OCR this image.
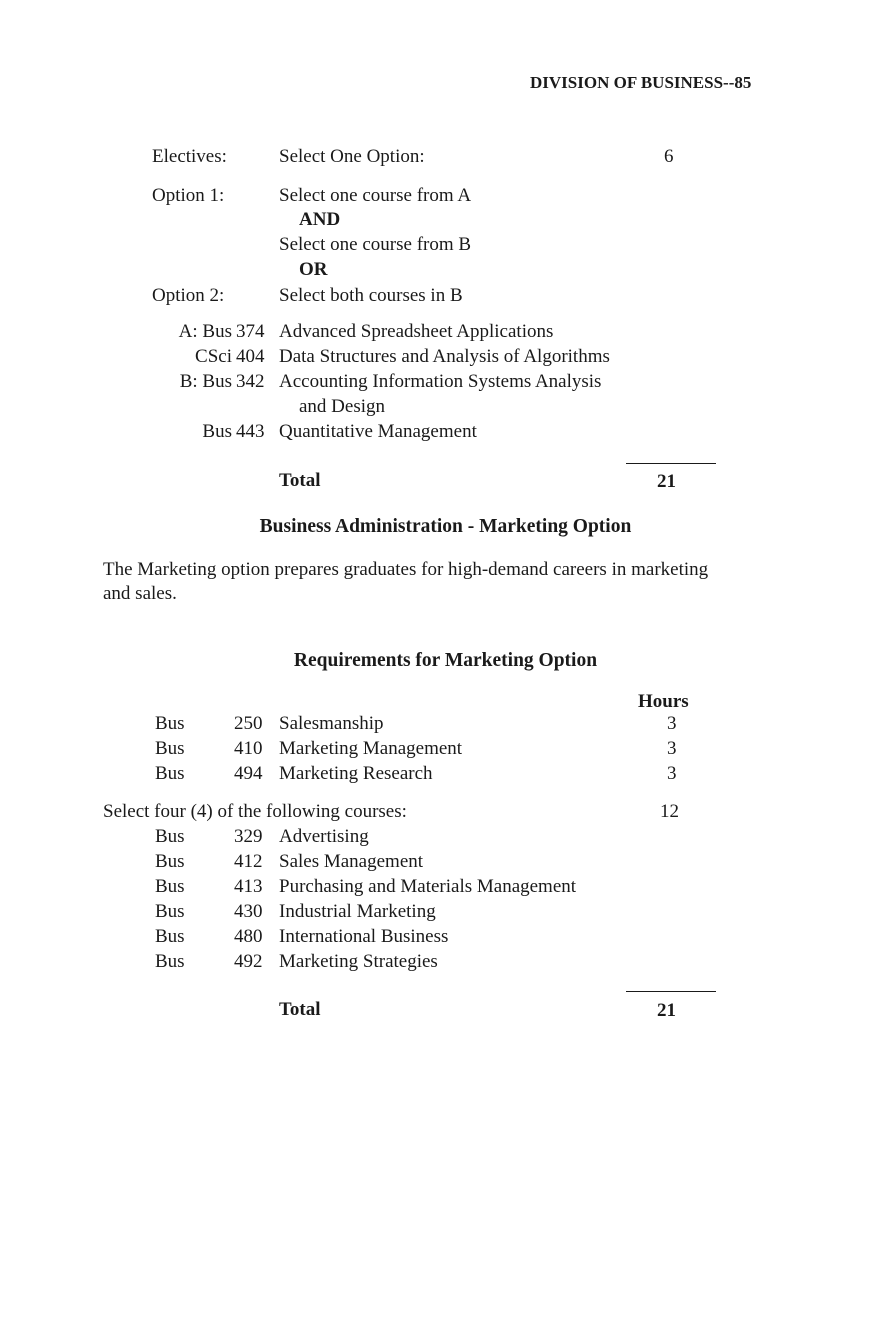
DIVISION OF BUSINESS--85
Electives:	Select One Option:	6
Option 1:	Select one course from A
AND
Select one course from B
OR
Option 2:	Select both courses in B
A: Bus 374 Advanced Spreadsheet Applications
CSci 404 Data Structures and Analysis of Algorithms
B: Bus 342 Accounting Information Systems Analysis
and Design
Bus 443 Quantitative Management
Total	21
Business Administration - Marketing Option
The Marketing option prepares graduates for high-demand careers in marketing
and sales.
Requirements for Marketing Option
Hours
Bus	250 Salesmanship	3
Bus	410 Marketing Management	3
Bus	494 Marketing Research	3
Select four (4) of the following courses:	12
Bus	329 Advertising
Bus	412 Sales Management
Bus	413 Purchasing and Materials Management
Bus	430 Industrial Marketing
Bus	480 International Business
Bus	492 Marketing Strategies
Total	21
